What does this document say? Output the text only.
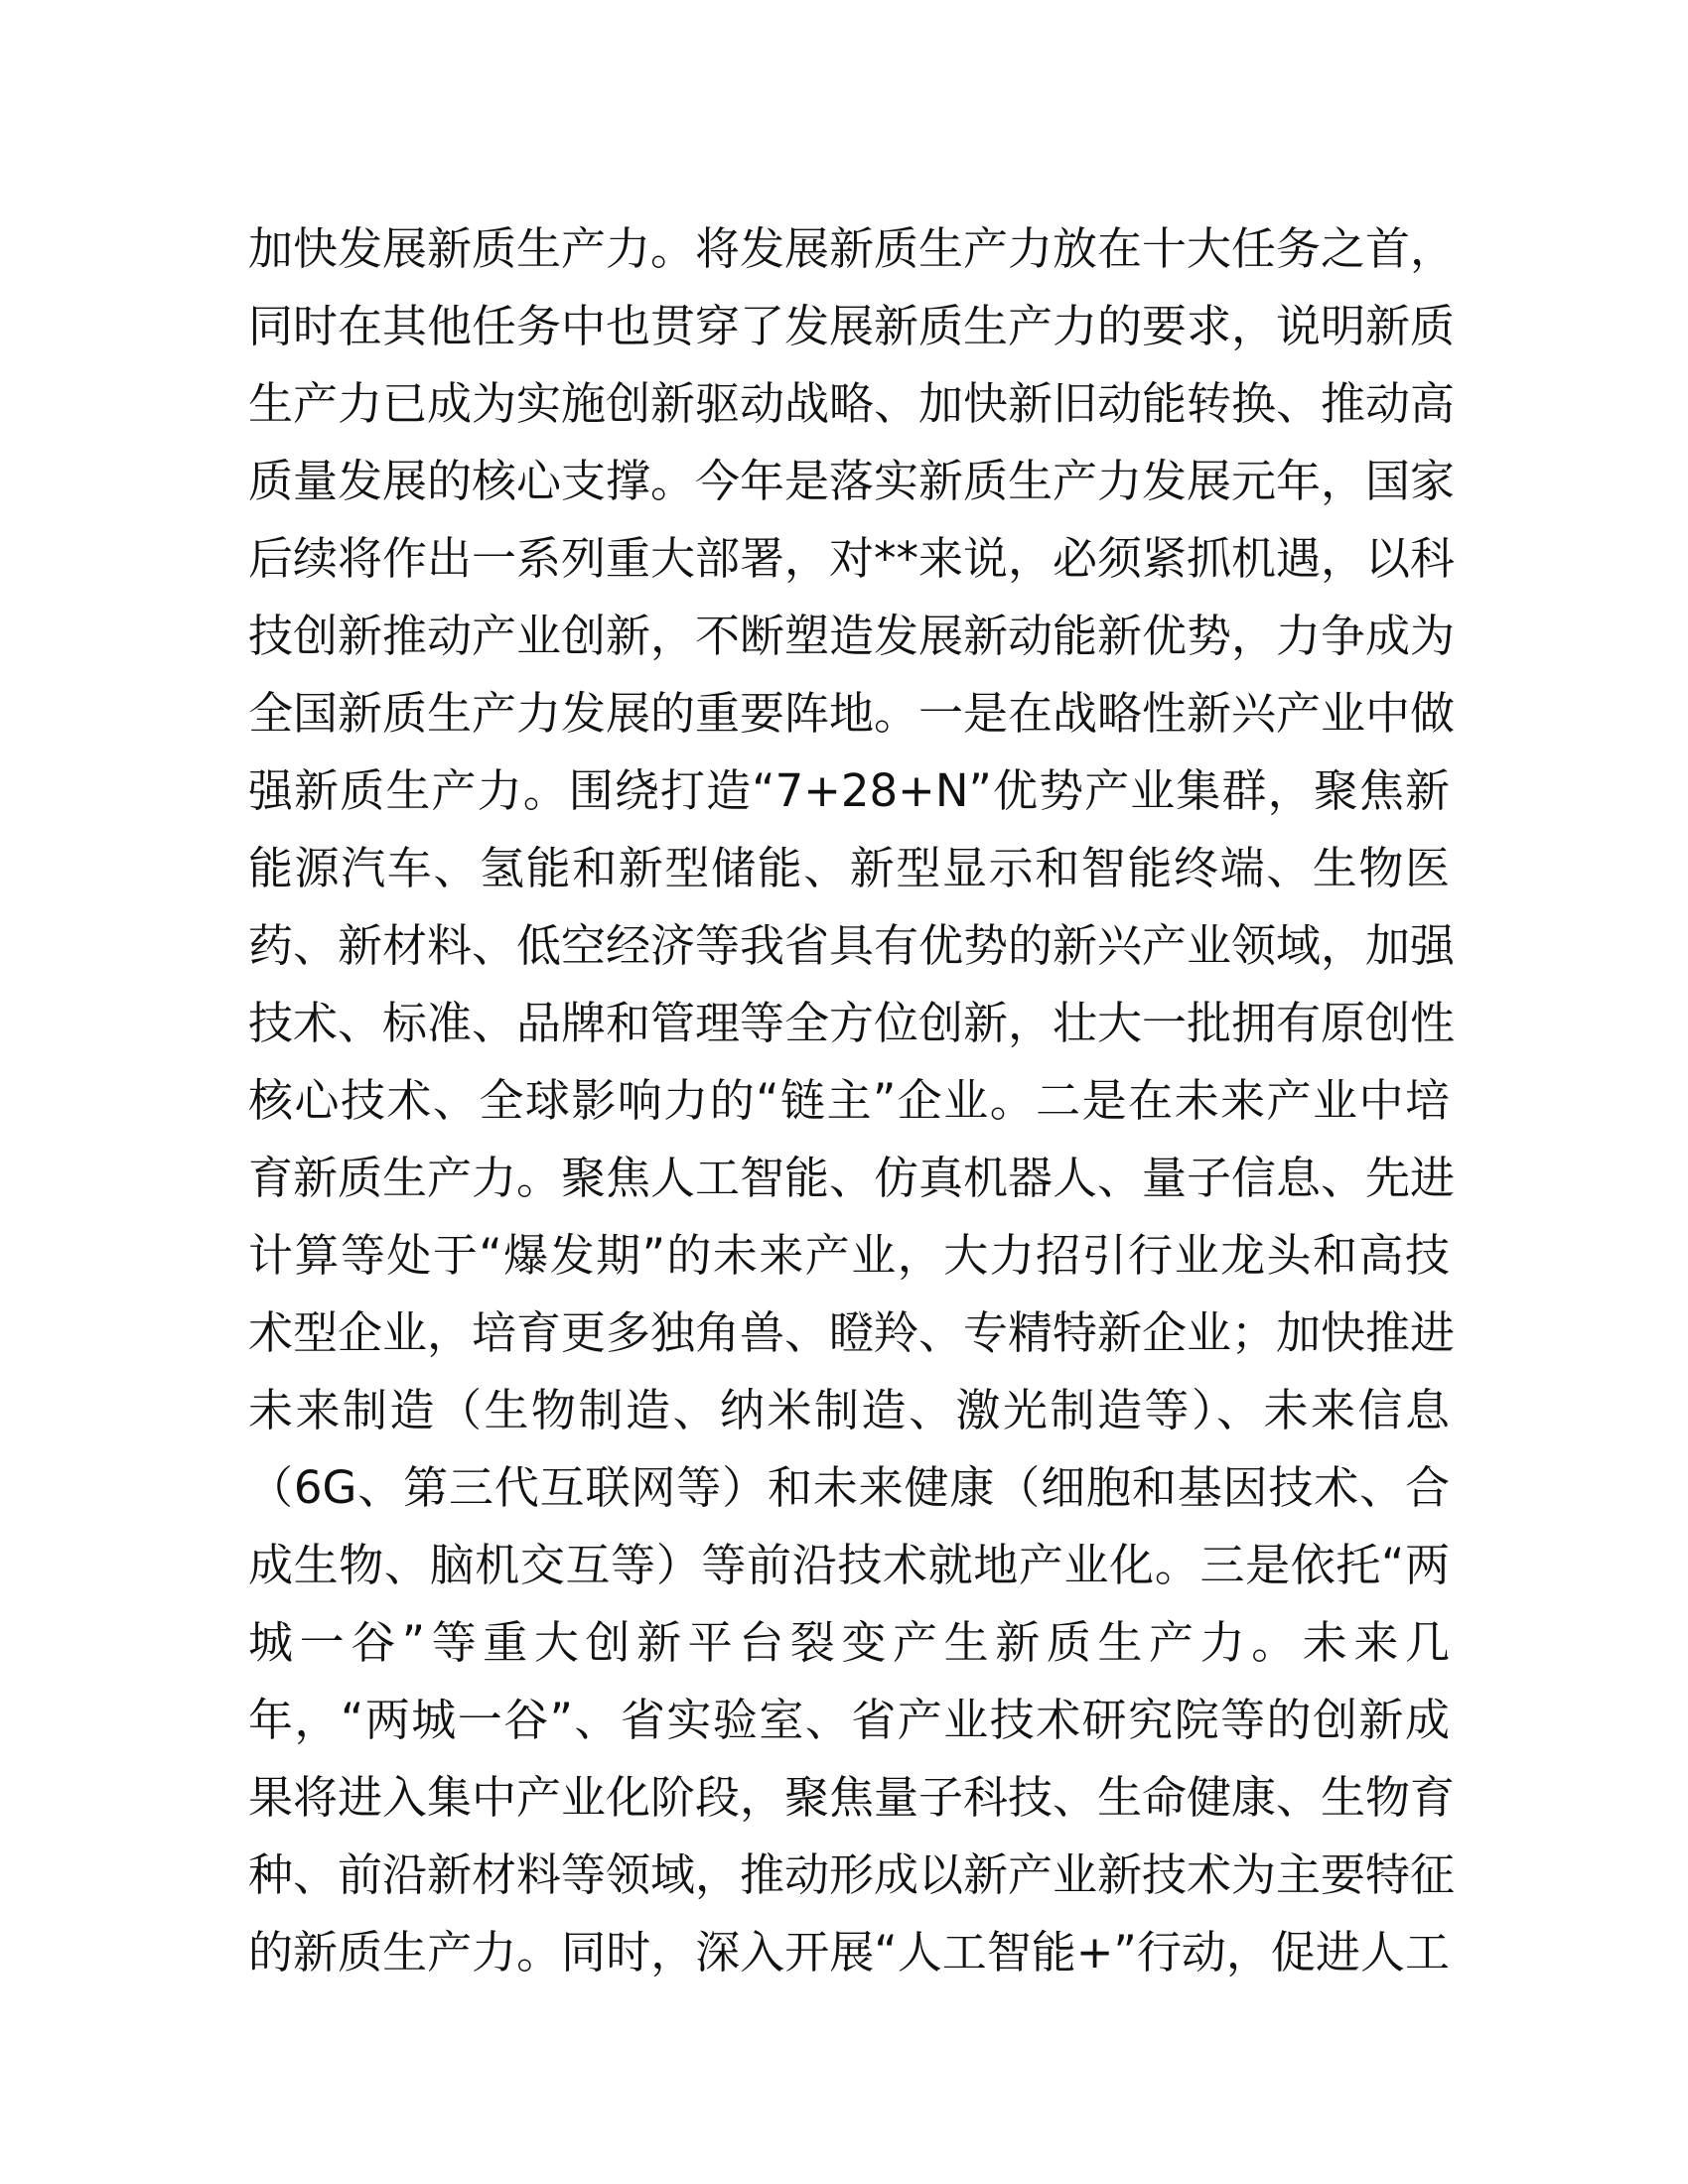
加快发展新质生产力。将发展新质生产力放在十大任务之首，
同时在其他任务中也贯穿了发展新质生产力的要求，说明新质
生产力已成为实施创新驱动战略、加快新旧动能转换、推动高
质量发展的核心支撑。今年是落实新质生产力发展元年，国家
后续将作出一系列重大部署，对**来说，必须紧抓机遇，以科
技创新推动产业创新，不断塑造发展新动能新优势，力争成为
全国新质生产力发展的重要阵地。一是在战略性新兴产业中做
强新质生产力。围绕打造“7+28+N”优势产业集群，聚焦新
能源汽车、氢能和新型储能、新型显示和智能终端、生物医
药、新材料、低空经济等我省具有优势的新兴产业领域，加强
技术、标准、品牌和管理等全方位创新，壮大一批拥有原创性
核心技术、全球影响力的“链主”企业。二是在未来产业中培
育新质生产力。聚焦人工智能、仿真机器人、量子信息、先进
计算等处于“爆发期”的未来产业，大力招引行业龙头和高技
术型企业，培育更多独角兽、瞪羚、专精特新企业；加快推进
未来制造（生物制造、纳米制造、激光制造等）、未来信息
（6G、第三代互联网等）和未来健康（细胞和基因技术、合
成生物、脑机交互等）等前沿技术就地产业化。三是依托“两
城一谷”等重大创新平台裂变产生新质生产力。未来几
年，“两城一谷”、省实验室、省产业技术研究院等的创新成
果将进入集中产业化阶段，聚焦量子科技、生命健康、生物育
种、前沿新材料等领域，推动形成以新产业新技术为主要特征
的新质生产力。同时，深入开展“人工智能+”行动，促进人工
